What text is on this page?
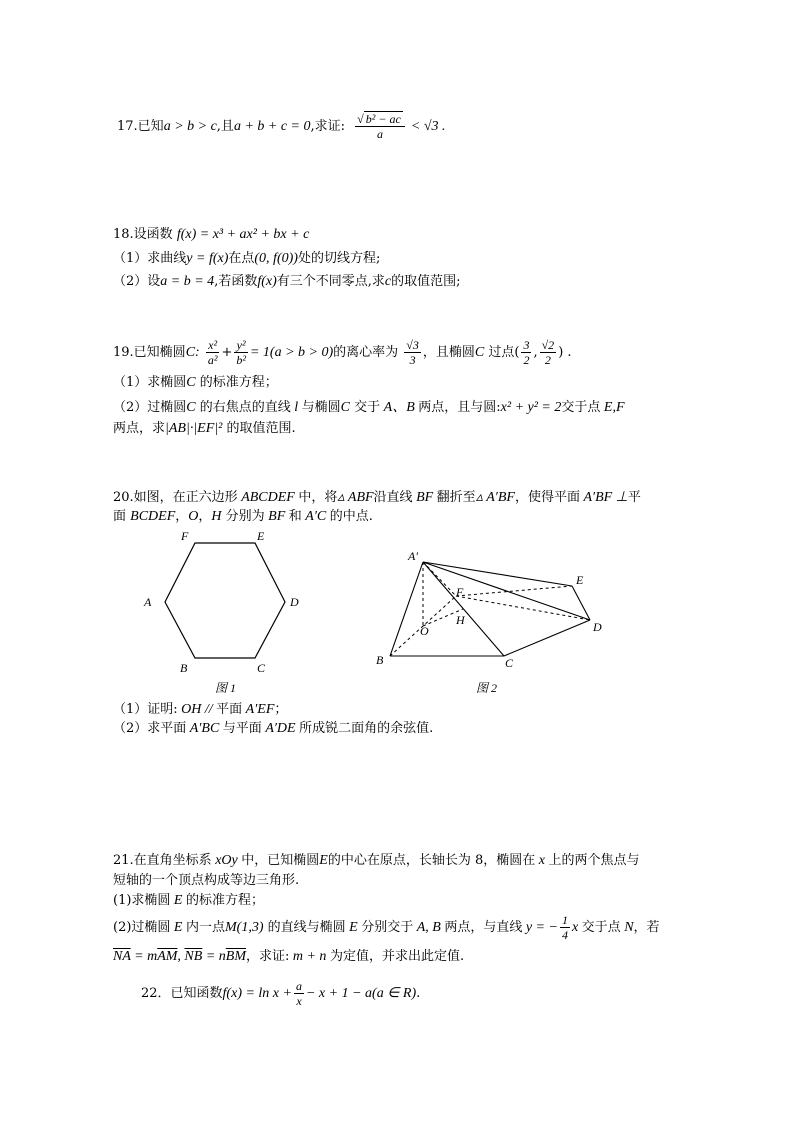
17.已知a > b > c,且a + b + c = 0,求证: $\frac{\text{√ b² − ac}}{a} < √3$ .
18.设函数 f(x) = x³ + ax² + bx + c
（1）求曲线y = f(x)在点(0, f(0))处的切线方程;
（2）设a = b = 4,若函数f(x)有三个不同零点,求c的取值范围;
19.已知椭圆C: $\frac{\text{x²}}{\text{a²}} + \frac{\text{y²}}{\text{b²}} = 1(a > b > 0)$的离心率为 $\frac{√3}{3}$ ，且椭圆C 过点( $\frac{3}{2}$ , $\frac{√2}{2}$ ) .
（1）求椭圆C 的标准方程；
（2）过椭圆C 的右焦点的直线 l 与椭圆C 交于 A、B 两点，且与圆:x² + y² = 2交于点 E,F
两点，求|AB|·|EF|² 的取值范围.
20.如图，在正六边形 ABCDEF 中，将▵ ABF沿直线 BF 翻折至▵ A′BF，使得平面 A′BF ⊥平
面 BCDEF，O，H 分别为 BF 和 A′C 的中点.
F	E
A	D
B	C
图 1
A′
E
F
O
H	D
B	C
图 2
（1）证明: OH // 平面 A′EF；
（2）求平面 A′BC 与平面 A′DE 所成锐二面角的余弦值.
21.在直角坐标系 xOy 中，已知椭圆E的中心在原点，长轴长为 8，椭圆在 x 上的两个焦点与
短轴的一个顶点构成等边三角形.
(1)求椭圆 E 的标准方程；
(2)过椭圆 E 内一点M(1,3) 的直线与椭圆 E 分别交于 A, B 两点，与直线 y = − $\frac{1}{4}$ x 交于点 N，若
$\overline{NA} = m\overline{AM}$, $\overline{NB} = n\overline{BM}$，求证: m + n 为定值，并求出此定值.
22．已知函数$f(x) = \ln x + \frac{a}{x} - x + 1 - a(a$ ∈ R).
